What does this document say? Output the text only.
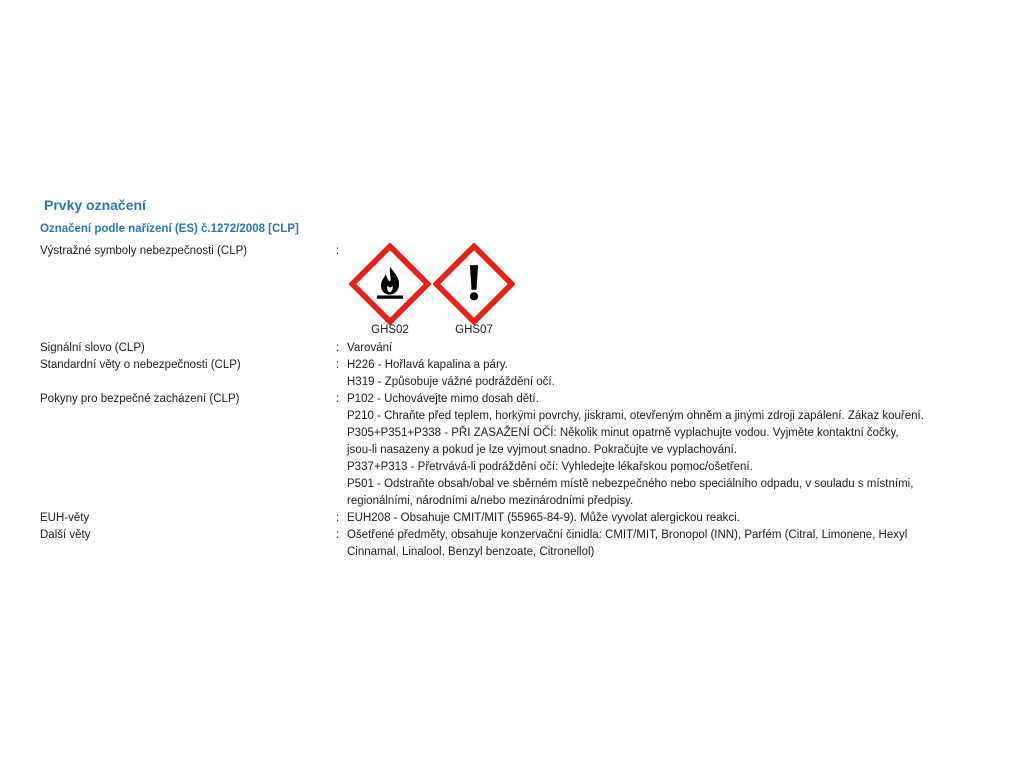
Prvky označení
Označení podle nařízení (ES) č.1272/2008 [CLP]
Výstražné symboly nebezpečnosti (CLP)	:
GHS02	GHS07
Signální slovo (CLP)	: Varování
Standardní věty o nebezpečnosti (CLP)	: H226 - Hořlavá kapalina a páry.
H319 - Způsobuje vážné podráždění očí.
Pokyny pro bezpečné zacházení (CLP)	: P102 - Uchovávejte mimo dosah dětí.
P210 - Chraňte před teplem, horkými povrchy, jiskrami, otevřeným ohněm a jinými zdroji zapálení. Zákaz kouření.
P305+P351+P338 - PŘI ZASAŽENÍ OČÍ: Několik minut opatrně vyplachujte vodou. Vyjměte kontaktní čočky,
jsou-li nasazeny a pokud je lze vyjmout snadno. Pokračujte ve vyplachování.
P337+P313 - Přetrvává-li podráždění očí: Vyhledejte lékařskou pomoc/ošetření.
P501 - Odstraňte obsah/obal ve sběrném místě nebezpečného nebo speciálního odpadu, v souladu s místními,
regionálními, národními a/nebo mezinárodními předpisy.
EUH-věty	: EUH208 - Obsahuje CMIT/MIT (55965-84-9). Může vyvolat alergickou reakci.
Další věty	: Ošetřené předměty, obsahuje konzervační činidla: CMIT/MIT, Bronopol (INN), Parfém (Citral, Limonene, Hexyl
Cinnamal, Linalool, Benzyl benzoate, Citronellol)
